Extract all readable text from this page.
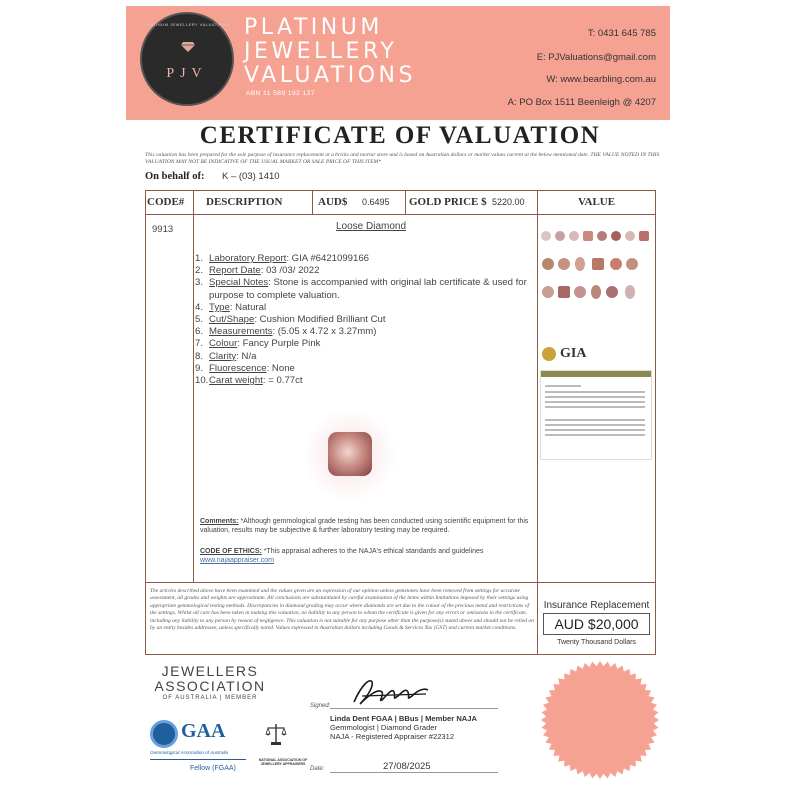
PLATINUM JEWELLERY VALUATIONS
PJV
PLATINUM
JEWELLERY
VALUATIONS
ABN 11 589 192 137
T: 0431 645 785
E: PJValuations@gmail.com
W: www.bearbling.com.au
A: PO Box 1511 Beenleigh @ 4207
CERTIFICATE OF VALUATION
This valuation has been prepared for the sole purpose of insurance replacement at a bricks and mortar store and is based on Australian dollars or market values current at the below mentioned date. THE VALUE NOTED IN THIS VALUATION MAY NOT BE INDICATIVE OF THE USUAL MARKET OR SALE PRICE OF THIS ITEM*
On behalf of: K – (03) 1410
CODE# DESCRIPTION	AUD$ 0.6495 GOLD PRICE $ 5220.00	VALUE
9913	Loose Diamond
1. Laboratory Report: GIA #6421099166
2. Report Date: 03 /03/ 2022
3. Special Notes: Stone is accompanied with original lab certificate & used for purpose to complete valuation.
4. Type: Natural
5. Cut/Shape: Cushion Modified Brilliant Cut
6. Measurements: (5.05 x 4.72 x 3.27mm)
7. Colour: Fancy Purple Pink
8. Clarity: N/a
9. Fluorescence: None
10. Carat weight: = 0.77ct
Comments: *Although gemmological grade testing has been conducted using scientific equipment for this valuation, results may be subjective & further laboratory testing may be required.
CODE OF ETHICS: *This appraisal adheres to the NAJA's ethical standards and guidelines
www.najaappraiser.com
GIA
The articles described above have been examined and the values given are an expression of our opinion unless gemstones have been removed from settings for accurate assessment, all grades and weights are approximate. All conclusions are substantiated by careful examination of the items within limitations imposed by their settings using appropriate gemmological testing methods. Discrepancies in diamond grading may occur where diamonds are set due to the colour of the precious metal and restrictions of the settings. Whilst all care has been taken in making this valuation, no liability to any person to whom the certificate is given for any errors or omissions in the certificate, including any liability to any person by reason of negligence. This valuation is not suitable for any purpose other than the purpose(s) stated above and should not be relied on by an entity besides addressee, unless specifically noted. Values expressed in Australian dollars including Goods & Services Tax (GST) and current market conditions.
Insurance Replacement
AUD $20,000
Twenty Thousand Dollars
JEWELLERS
ASSOCIATION
OF AUSTRALIA | MEMBER
GAA
Gemmological Association of Australia
Fellow (FGAA)
NATIONAL ASSOCIATION OF JEWELLERY APPRAISERS
Signed:
Linda Dent FGAA | BBus | Member NAJA
Gemmologist | Diamond Grader
NAJA - Registered Appraiser #22312
Date:	27/08/2025
